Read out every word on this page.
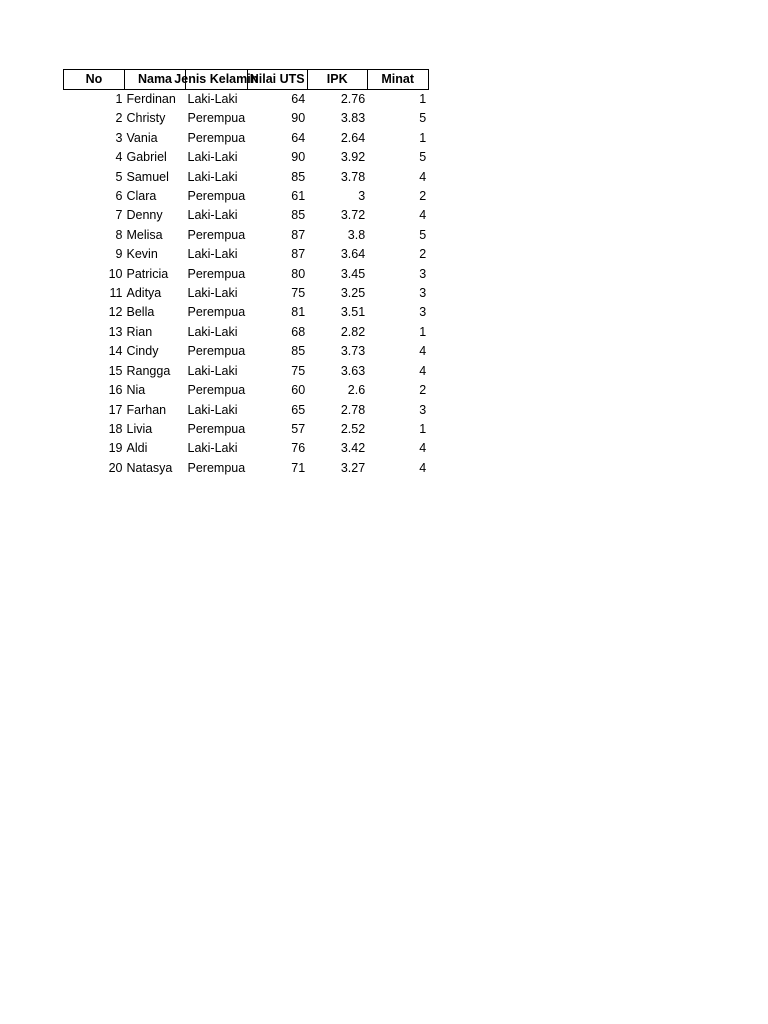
No	Nama	Jenis Kelamin	Nilai UTS	IPK	Minat
1	Ferdinan	Laki-Laki	64	2.76	1
2	Christy	Perempua	90	3.83	5
3	Vania	Perempua	64	2.64	1
4	Gabriel	Laki-Laki	90	3.92	5
5	Samuel	Laki-Laki	85	3.78	4
6	Clara	Perempua	61	3	2
7	Denny	Laki-Laki	85	3.72	4
8	Melisa	Perempua	87	3.8	5
9	Kevin	Laki-Laki	87	3.64	2
10	Patricia	Perempua	80	3.45	3
11	Aditya	Laki-Laki	75	3.25	3
12	Bella	Perempua	81	3.51	3
13	Rian	Laki-Laki	68	2.82	1
14	Cindy	Perempua	85	3.73	4
15	Rangga	Laki-Laki	75	3.63	4
16	Nia	Perempua	60	2.6	2
17	Farhan	Laki-Laki	65	2.78	3
18	Livia	Perempua	57	2.52	1
19	Aldi	Laki-Laki	76	3.42	4
20	Natasya	Perempua	71	3.27	4
